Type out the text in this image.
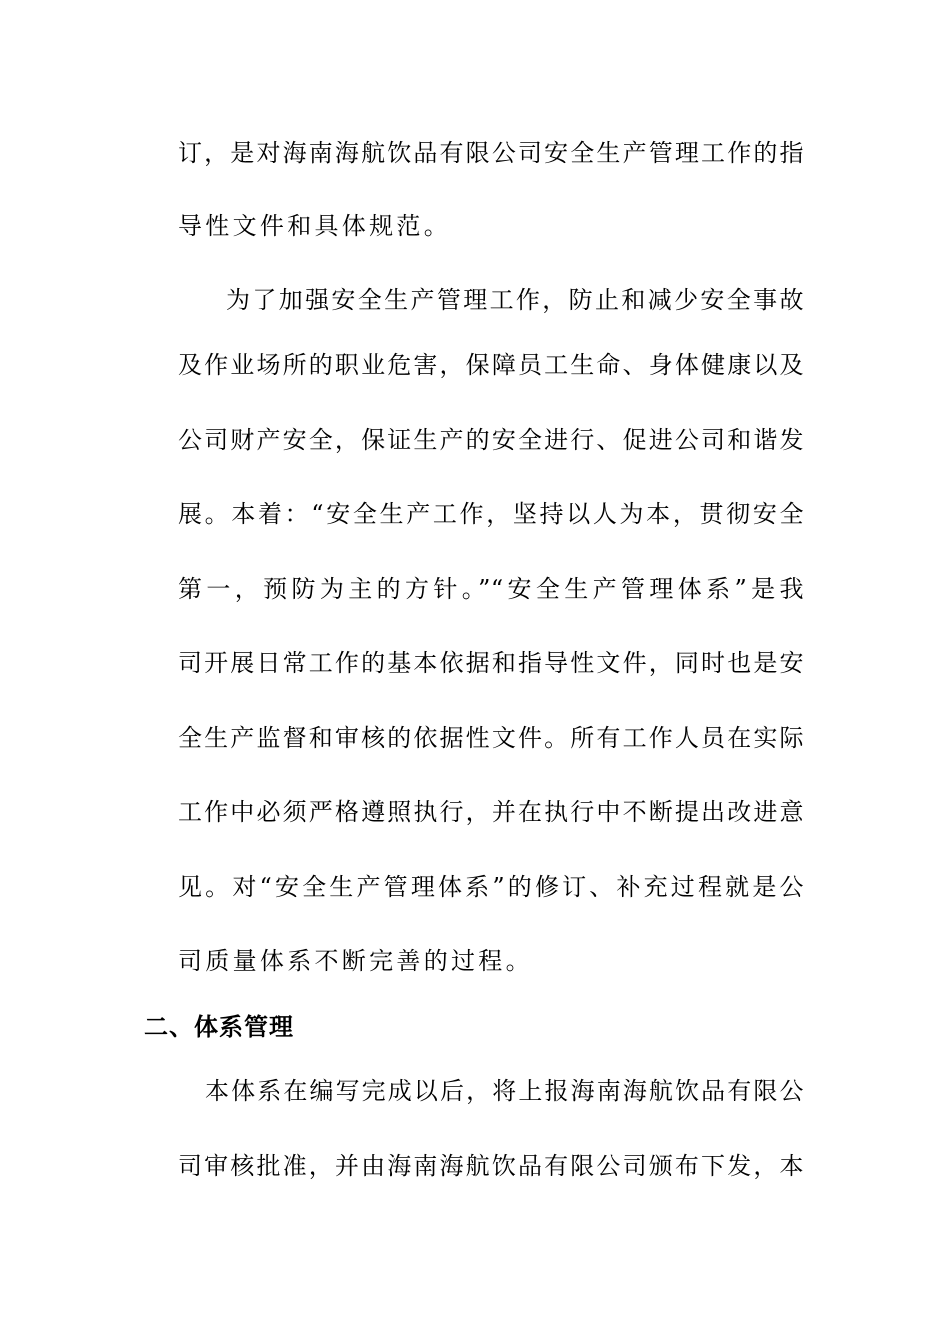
订，是对海南海航饮品有限公司安全生产管理工作的指
导性文件和具体规范。
为了加强安全生产管理工作，防止和减少安全事故
及作业场所的职业危害，保障员工生命、身体健康以及
公司财产安全，保证生产的安全进行、促进公司和谐发
展。本着：“安全生产工作，坚持以人为本，贯彻安全
第一，预防为主的方针。”“安全生产管理体系”是我
司开展日常工作的基本依据和指导性文件，同时也是安
全生产监督和审核的依据性文件。所有工作人员在实际
工作中必须严格遵照执行，并在执行中不断提出改进意
见。对“安全生产管理体系”的修订、补充过程就是公
司质量体系不断完善的过程。
二、体系管理
本体系在编写完成以后，将上报海南海航饮品有限公
司审核批准，并由海南海航饮品有限公司颁布下发，本
